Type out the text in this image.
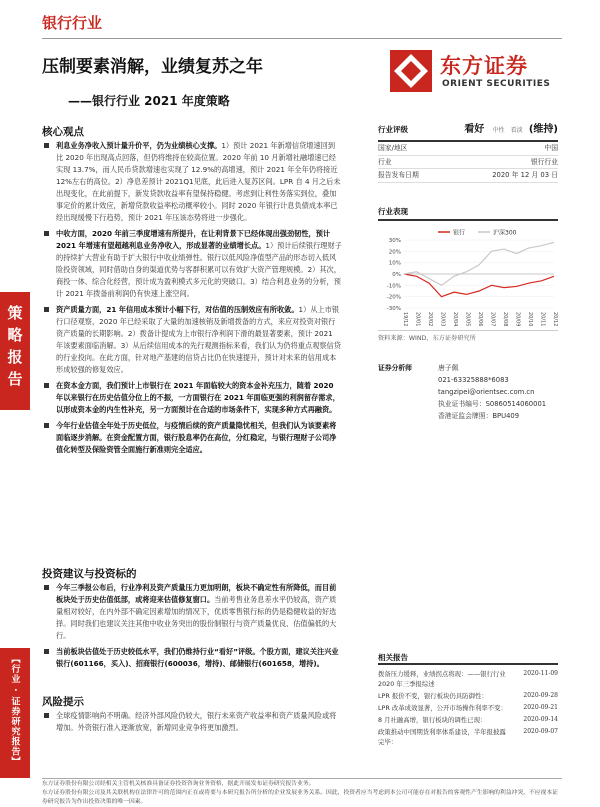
银行行业
压制要素消解，业绩复苏之年
——银行行业 2021 年度策略
东方证券
ORIENT SECURITIES
策
略
报
告
【行业 · 证券研究报告】
核心观点

利息业务净收入预计量升价平，仍为业绩核心支撑。1）预计 2021 年新增信贷增速回到比 2020 年出现高点回落，但仍将维持在较高位置。2020 年前 10 月新增社融增速已经实现 13.7%，而人民币贷款增速也实现了 12.9%的高增速，预计 2021 年全年仍将接近 12%左右的高位。2）净息差预计 2021Q1见底，此后进入复苏区间。LPR 自 4 月之后未出现变化，在此前提下，新发贷款收益率有望保持稳健。考虑到让利性务落实到位，叠加事定价的累计效应，新增贷款收益率松动概率较小。同时 2020 年银行计息负债成本率已经出现缓慢下行趋势，预计 2021 年压该态势将进一步强化。

中收方面，2020 年前三季度增速有所提升，在让利背景下已经体现出强劲韧性，预计 2021 年增速有望超越利息业务净收入，形成显著的业绩增长点。1）预计后续银行理财子的持续扩大营业有助于扩大银行中收业绩弹性。银行以低风险净值型产品的形态切入低风险投资领域，同时借助自身的渠道优势与客群积累可以有效扩大资产管理规模。2）其次，商投一体、综合化经营，预计成为盈利模式多元化的突破口。3）结合利息业务的分析，预计 2021 年拨备前利润仍有快速上涨空间。

资产质量方面，21 年信用成本预计小幅下行，对估值的压制效应有所收敛。1）从上市银行口径观察，2020 年已经采取了大量的加速核销及新增拨备的方式，来应对投资对银行资产质量的长期影响。2）拨备计提成为上市银行净利润下滑的最显著要素，预计 2021 年该要素面临消解。3）从后续信用成本的先行观测指标来看，我们认为仍将重点观察信贷的行业投向。在此方面，针对地产基建的信贷占比仍在快速提升，预计对未来的信用成本形成较强的修复效应。

在资本金方面，我们预计上市银行在 2021 年面临较大的资本金补充压力，随着 2020 年以来银行在历史估值分位上的不振，一方面银行在 2021 年面临更强的利润留存需求，以形成资本金的内生性补充，另一方面预计在合适的市场条件下，实现多种方式再融资。

今年行业估值全年处于历史低位，与疫情后续的资产质量隐忧相关，但我们认为该要素将面临逐步消解。在资金配置方面，银行股息率仍在高位，分红稳定，与银行理财子公司净值化转型及保险资管全面施行新准则完全适应。

投资建议与投资标的

今年三季报公布后，行业净利及资产质量压力更加明朗，板块不确定性有所降低，而目前板块处于历史估值低部，或将迎来估值修复窗口。当前考售业务息差水平仍较高，资产质量相对较好，在内外部不确定因素增加的情况下，优质零售银行标的仍是稳健收益的好选择。同时我们也建议关注其他中收业务突出的股份制银行与资产质量优良、估值偏低的大行。

当前板块估值处于历史较低水平，我们仍维持行业“看好”评级。个股方面，建议关注兴业银行(601166，买入)、招商银行(600036，增持)、邮储银行(601658，增持)。

风险提示

全球疫情影响尚不明确。经济外部风险仍较大，银行未来资产收益率和资产质量风险或将增加。外资银行准入逐渐放宽，新增同业竞争将更加激烈。

行业评级	看好 中性 看淡 (维持)
国家/地区	中国
行业	银行行业
报告发布日期	2020 年 12 月 03 日
行业表现
银行	沪深300
30%
20%
10%
0%
-10%
-20%
-30%
19/12 20/01 20/02 20/03 20/04 20/05 20/06 20/07 20/08 20/09 20/10 20/11 20/12
资料来源：WIND、东方证券研究所
证券分析师	唐子佩
021-63325888*6083
tangzipei@orientsec.com.cn
执业证书编号：S0860514060001
香港证监会牌照：BPU409
相关报告
拨备压力缓释，业绩拐点将现：——银行行业 2020 年三季报综述
2020-11-09
LPR 报价不变，银行板块仍具防御性：	2020-09-28
LPR 改革成效显著，公开市场操作利率不变：	2020-09-21
8 月社融高增，银行板块的调性已现：	2020-09-14
政策推动中国期货利率体系建设，半年报披露完毕：
2020-09-07
东方证券股份有限公司经相关主管机关核准具备证券投资咨询业务资格，据此开展发布证券研究报告业务。
东方证券股份有限公司及其关联机构在法律许可的范围内正在或将要与本研究报告所分析的企业发展业务关系。因此，投资者应当考虑到本公司可能存在对报告的客观性产生影响的利益冲突，不应视本证券研究报告为作出投资决策的唯一因素。
